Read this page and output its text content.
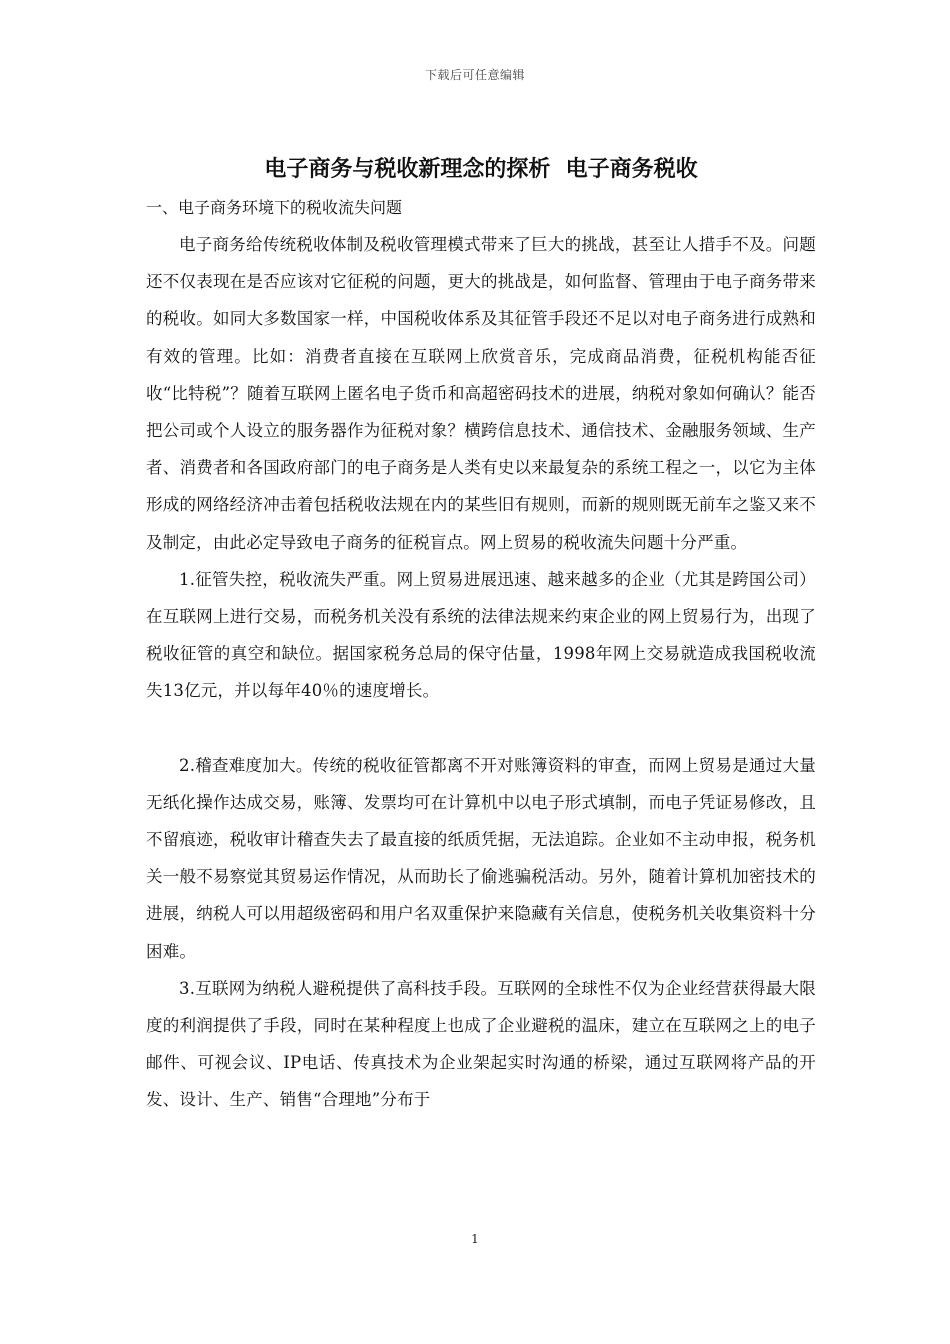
下载后可任意编辑
电子商务与税收新理念的探析  电子商务税收
一、电子商务环境下的税收流失问题

电子商务给传统税收体制及税收管理模式带来了巨大的挑战，甚至让人措手不及。问题还不仅表现在是否应该对它征税的问题，更大的挑战是，如何监督、管理由于电子商务带来的税收。如同大多数国家一样，中国税收体系及其征管手段还不足以对电子商务进行成熟和有效的管理。比如：消费者直接在互联网上欣赏音乐，完成商品消费，征税机构能否征收“比特税”？随着互联网上匿名电子货币和高超密码技术的进展，纳税对象如何确认？能否把公司或个人设立的服务器作为征税对象？横跨信息技术、通信技术、金融服务领域、生产者、消费者和各国政府部门的电子商务是人类有史以来最复杂的系统工程之一，以它为主体形成的网络经济冲击着包括税收法规在内的某些旧有规则，而新的规则既无前车之鉴又来不及制定，由此必定导致电子商务的征税盲点。网上贸易的税收流失问题十分严重。

1.征管失控，税收流失严重。网上贸易进展迅速、越来越多的企业（尤其是跨国公司）在互联网上进行交易，而税务机关没有系统的法律法规来约束企业的网上贸易行为，出现了税收征管的真空和缺位。据国家税务总局的保守估量，1998年网上交易就造成我国税收流失13亿元，并以每年40％的速度增长。

2.稽查难度加大。传统的税收征管都离不开对账簿资料的审查，而网上贸易是通过大量无纸化操作达成交易，账簿、发票均可在计算机中以电子形式填制，而电子凭证易修改，且不留痕迹，税收审计稽查失去了最直接的纸质凭据，无法追踪。企业如不主动申报，税务机关一般不易察觉其贸易运作情况，从而助长了偷逃骗税活动。另外，随着计算机加密技术的进展，纳税人可以用超级密码和用户名双重保护来隐藏有关信息，使税务机关收集资料十分困难。

3.互联网为纳税人避税提供了高科技手段。互联网的全球性不仅为企业经营获得最大限度的利润提供了手段，同时在某种程度上也成了企业避税的温床，建立在互联网之上的电子邮件、可视会议、IP电话、传真技术为企业架起实时沟通的桥梁，通过互联网将产品的开发、设计、生产、销售“合理地”分布于

1
